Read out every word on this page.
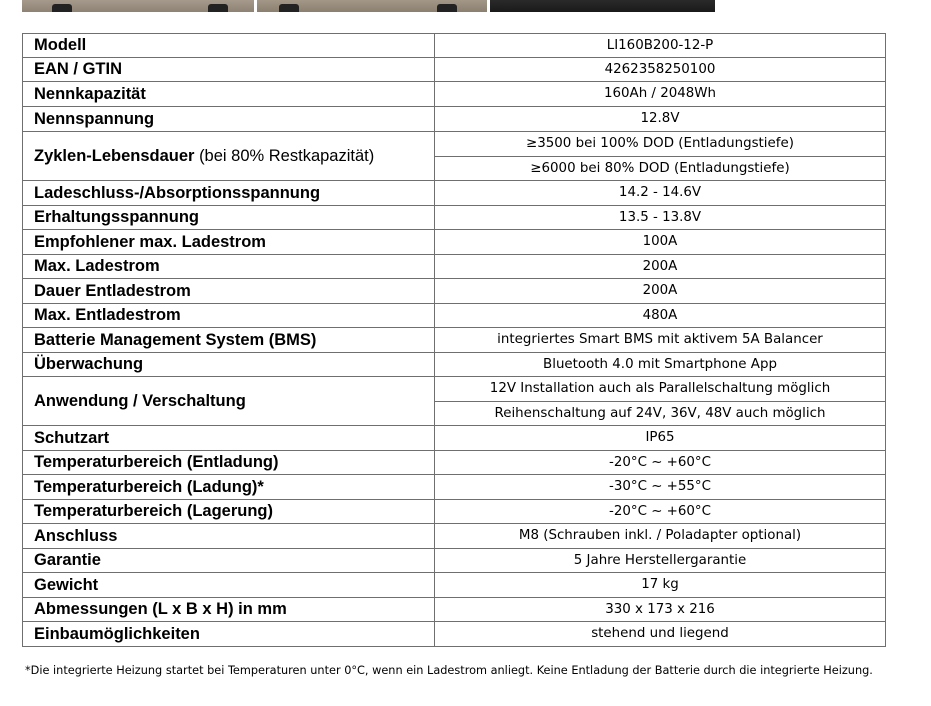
Modell	LI160B200-12-P
EAN / GTIN	4262358250100
Nennkapazität	160Ah / 2048Wh
Nennspannung	12.8V
Zyklen-Lebensdauer (bei 80% Restkapazität)	≥3500 bei 100% DOD (Entladungstiefe)
	≥6000 bei 80% DOD (Entladungstiefe)
Ladeschluss-/Absorptionsspannung	14.2 - 14.6V
Erhaltungsspannung	13.5 - 13.8V
Empfohlener max. Ladestrom	100A
Max. Ladestrom	200A
Dauer Entladestrom	200A
Max. Entladestrom	480A
Batterie Management System (BMS)	integriertes Smart BMS mit aktivem 5A Balancer
Überwachung	Bluetooth 4.0 mit Smartphone App
Anwendung / Verschaltung	12V Installation auch als Parallelschaltung möglich
	Reihenschaltung auf 24V, 36V, 48V auch möglich
Schutzart	IP65
Temperaturbereich (Entladung)	-20°C ~ +60°C
Temperaturbereich (Ladung)*	-30°C ~ +55°C
Temperaturbereich (Lagerung)	-20°C ~ +60°C
Anschluss	M8 (Schrauben inkl. / Poladapter optional)
Garantie	5 Jahre Herstellergarantie
Gewicht	17 kg
Abmessungen (L x B x H) in mm	330 x 173 x 216
Einbaumöglichkeiten	stehend und liegend
*Die integrierte Heizung startet bei Temperaturen unter 0°C, wenn ein Ladestrom anliegt. Keine Entladung der Batterie durch die integrierte Heizung.
